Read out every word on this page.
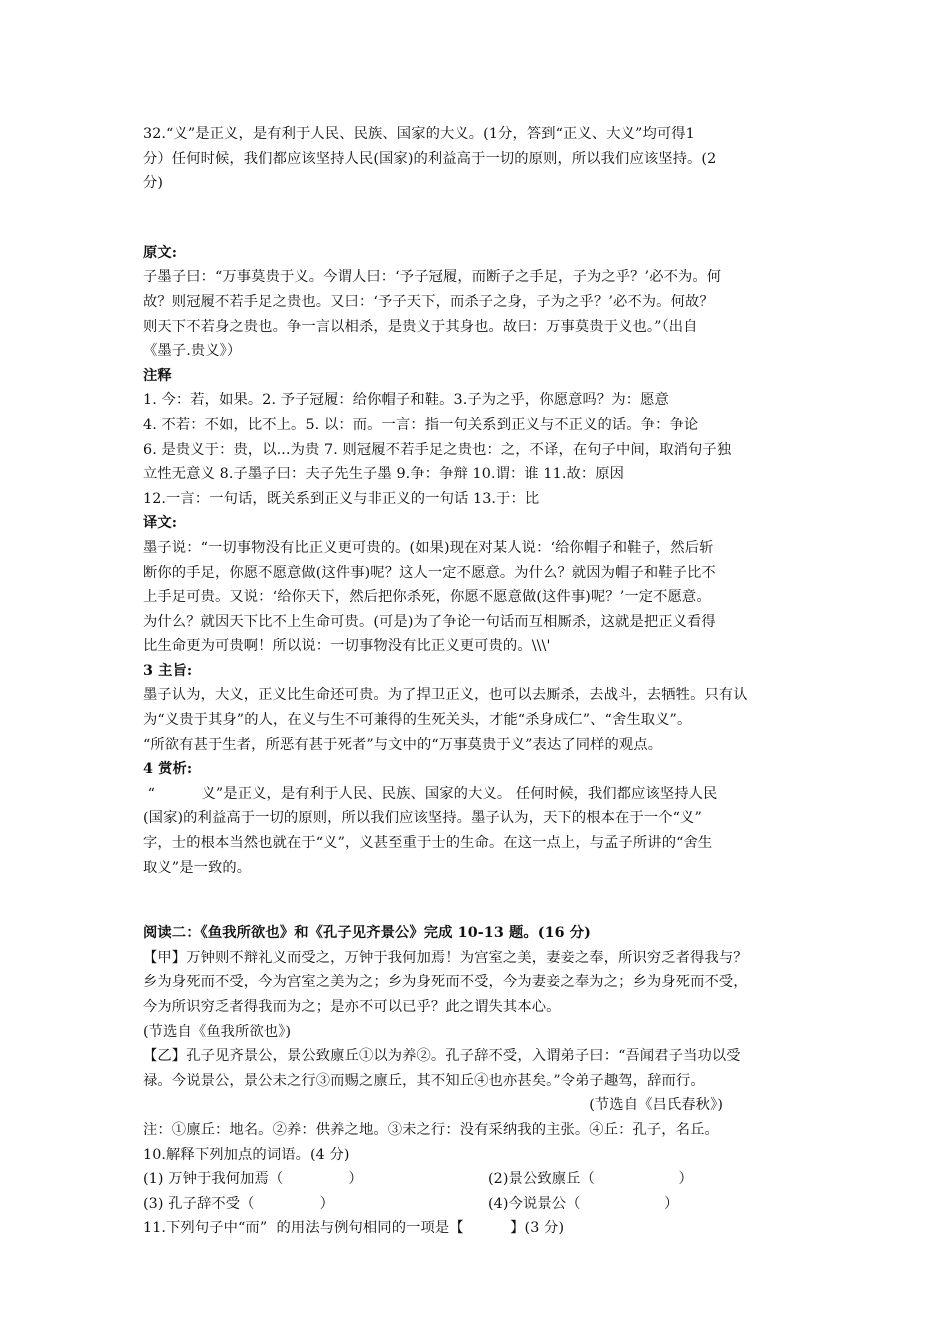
32.“义”是正义，是有利于人民、民族、国家的大义。(1分，答到“正义、大义”均可得1
分）任何时候，我们都应该坚持人民(国家)的利益高于一切的原则，所以我们应该坚持。(2
分)
原文:
子墨子曰：“万事莫贵于义。今谓人曰：‘予子冠履，而断子之手足，子为之乎？’必不为。何
故？则冠履不若手足之贵也。又曰：‘予子天下，而杀子之身，子为之乎？’必不为。何故？
则天下不若身之贵也。争一言以相杀，是贵义于其身也。故曰：万事莫贵于义也。”（出自
《墨子.贵义》）
注释
1. 今：若，如果。2. 予子冠履：给你帽子和鞋。3.子为之乎，你愿意吗？为：愿意
4. 不若：不如，比不上。5. 以：而。一言：指一句关系到正义与不正义的话。争：争论
6. 是贵义于：贵，以...为贵 7. 则冠履不若手足之贵也：之，不译，在句子中间，取消句子独
立性无意义 8.子墨子曰：夫子先生子墨 9.争：争辩 10.谓：谁 11.故：原因
12.一言：一句话，既关系到正义与非正义的一句话 13.于：比
译文:
墨子说：“一切事物没有比正义更可贵的。(如果)现在对某人说：‘给你帽子和鞋子，然后斩
断你的手足，你愿不愿意做(这件事)呢？这人一定不愿意。为什么？就因为帽子和鞋子比不
上手足可贵。又说：‘给你天下，然后把你杀死，你愿不愿意做(这件事)呢？’一定不愿意。
为什么？就因天下比不上生命可贵。(可是)为了争论一句话而互相厮杀，这就是把正义看得
比生命更为可贵啊！所以说：一切事物没有比正义更可贵的。\\\'
3 主旨:
墨子认为，大义，正义比生命还可贵。为了捍卫正义，也可以去厮杀，去战斗，去牺牲。只有认
为“义贵于其身”的人，在义与生不可兼得的生死关头，才能“杀身成仁”、“舍生取义”。
“所欲有甚于生者，所恶有甚于死者”与文中的“万事莫贵于义”表达了同样的观点。
4 赏析:
“          义”是正义，是有利于人民、民族、国家的大义。 任何时候，我们都应该坚持人民
(国家)的利益高于一切的原则，所以我们应该坚持。墨子认为，天下的根本在于一个“义”
字，士的根本当然也就在于“义”，义甚至重于士的生命。在这一点上，与孟子所讲的“舍生
取义”是一致的。
阅读二：《鱼我所欲也》和《孔子见齐景公》完成 10-13 题。(16 分)
【甲】万钟则不辩礼义而受之，万钟于我何加焉！为宫室之美，妻妾之奉，所识穷乏者得我与？
乡为身死而不受，今为宫室之美为之；乡为身死而不受，今为妻妾之奉为之；乡为身死而不受，
今为所识穷乏者得我而为之；是亦不可以已乎？此之谓失其本心。
(节选自《鱼我所欲也》)
【乙】孔子见齐景公，景公致廪丘①以为养②。孔子辞不受，入谓弟子曰：“吾闻君子当功以受
禄。今说景公，景公未之行③而赐之廪丘，其不知丘④也亦甚矣。”令弟子趣驾，辞而行。
(节选自《吕氏春秋》)
注：①廪丘：地名。②养：供养之地。③未之行：没有采纳我的主张。④丘：孔子，名丘。
10.解释下列加点的词语。(4 分)
(1) 万钟于我何加焉（              ）	(2)景公致廪丘（                  ）
(3) 孔子辞不受（              ）	(4)今说景公（                  ）
11.下列句子中“而”  的用法与例句相同的一项是【          】(3 分)
